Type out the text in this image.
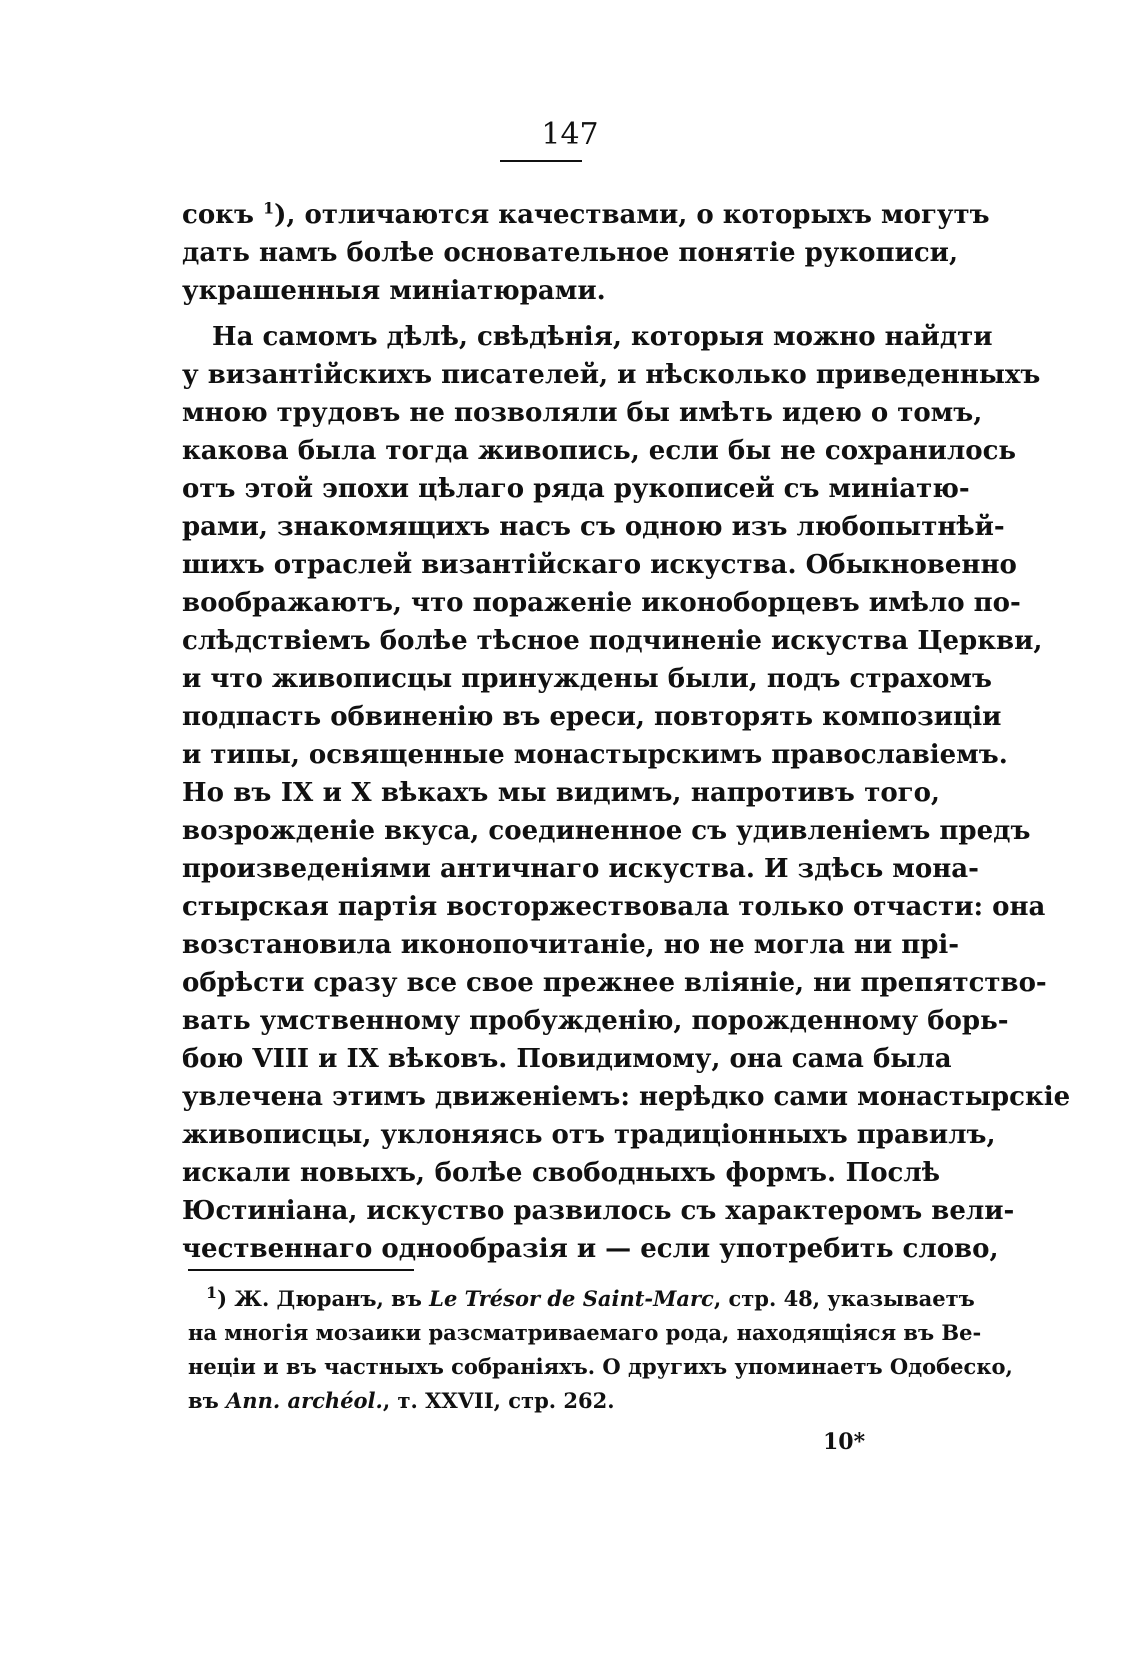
147
сокъ $^1$), отличаются качествами, о которыхъ могутъ
дать намъ болѣе основательное понятіе рукописи,
украшенныя миніатюрами.
На самомъ дѣлѣ, свѣдѣнія, которыя можно найдти
у византійскихъ писателей, и нѣсколько приведенныхъ
мною трудовъ не позволяли бы имѣть идею о томъ,
какова была тогда живопись, если бы не сохранилось
отъ этой эпохи цѣлаго ряда рукописей съ миніатю-
рами, знакомящихъ насъ съ одною изъ любопытнѣй-
шихъ отраслей византійскаго искуства. Обыкновенно
воображаютъ, что пораженіе иконоборцевъ имѣло по-
слѣдствіемъ болѣе тѣсное подчиненіе искуства Церкви,
и что живописцы принуждены были, подъ страхомъ
подпасть обвиненію въ ереси, повторять композиціи
и типы, освященные монастырскимъ православіемъ.
Но въ IX и X вѣкахъ мы видимъ, напротивъ того,
возрожденіе вкуса, соединенное съ удивленіемъ предъ
произведеніями античнаго искуства. И здѣсь мона-
стырская партія восторжествовала только отчасти: она
возстановила иконопочитаніе, но не могла ни прі-
обрѣсти сразу все свое прежнее вліяніе, ни препятство-
вать умственному пробужденію, порожденному борь-
бою VIII и IX вѣковъ. Повидимому, она сама была
увлечена этимъ движеніемъ: нерѣдко сами монастырскіе
живописцы, уклоняясь отъ традиціонныхъ правилъ,
искали новыхъ, болѣе свободныхъ формъ. Послѣ
Юстиніана, искуство развилось съ характеромъ вели-
чественнаго однообразія и — если употребить слово,
$^1$) Ж. Дюранъ, въ Le Trésor de Saint-Marc, стр. 48, указываетъ
на многія мозаики разсматриваемаго рода, находящіяся въ Ве-
неціи и въ частныхъ собраніяхъ. О другихъ упоминаетъ Одобеско,
въ Ann. archéol., т. XXVII, стр. 262.
10*
